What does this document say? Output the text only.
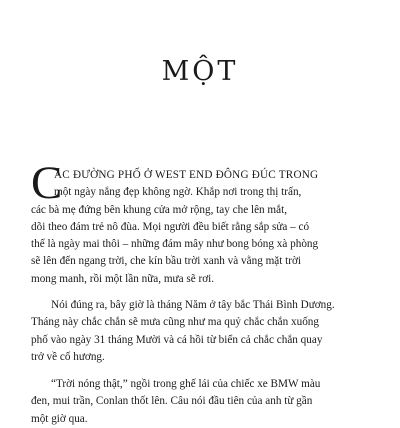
MỘT
C
ÁC ĐƯỜNG PHỐ Ở WEST END ĐÔNG ĐÚC TRONG
một ngày nắng đẹp không ngờ. Khắp nơi trong thị trấn,
các bà mẹ đứng bên khung cửa mở rộng, tay che lên mắt,
dõi theo đám trẻ nô đùa. Mọi người đều biết rằng sắp sửa – có
thể là ngày mai thôi – những đám mây như bong bóng xà phòng
sẽ lên đến ngang trời, che kín bầu trời xanh và vằng mặt trời
mong manh, rồi một lần nữa, mưa sẽ rơi.
Nói đúng ra, bây giờ là tháng Năm ở tây bắc Thái Bình Dương.
Tháng này chắc chắn sẽ mưa cũng như ma quỷ chắc chắn xuống
phố vào ngày 31 tháng Mười và cá hồi từ biển cả chắc chắn quay
trở về cố hương.
“Trời nóng thật,” ngồi trong ghế lái của chiếc xe BMW màu
đen, mui trần, Conlan thốt lên. Câu nói đầu tiên của anh từ gần
một giờ qua.
